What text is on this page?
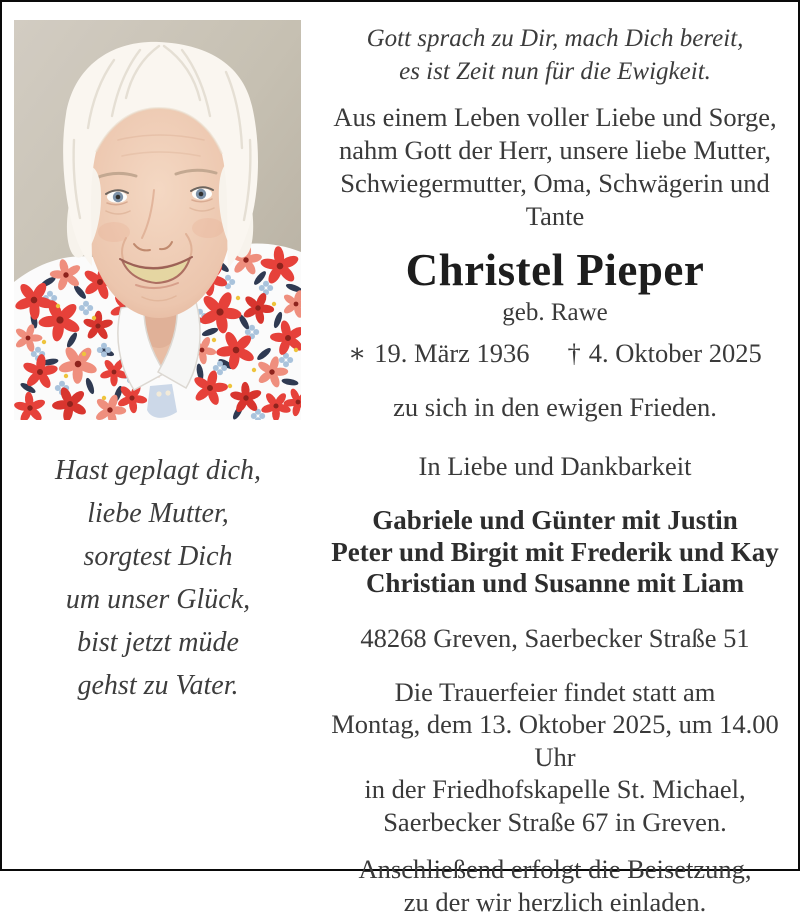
Hast geplagt dich,
liebe Mutter,
sorgtest Dich
um unser Glück,
bist jetzt müde
gehst zu Vater.
Gott sprach zu Dir, mach Dich bereit,
es ist Zeit nun für die Ewigkeit.
Aus einem Leben voller Liebe und Sorge,
nahm Gott der Herr, unsere liebe Mutter,
Schwiegermutter, Oma, Schwägerin und Tante
Christel Pieper
geb. Rawe
∗ 19. März 1936 † 4. Oktober 2025
zu sich in den ewigen Frieden.
In Liebe und Dankbarkeit
Gabriele und Günter mit Justin
Peter und Birgit mit Frederik und Kay
Christian und Susanne mit Liam
48268 Greven, Saerbecker Straße 51
Die Trauerfeier findet statt am
Montag, dem 13. Oktober 2025, um 14.00 Uhr
in der Friedhofskapelle St. Michael,
Saerbecker Straße 67 in Greven.
Anschließend erfolgt die Beisetzung,
zu der wir herzlich einladen.
